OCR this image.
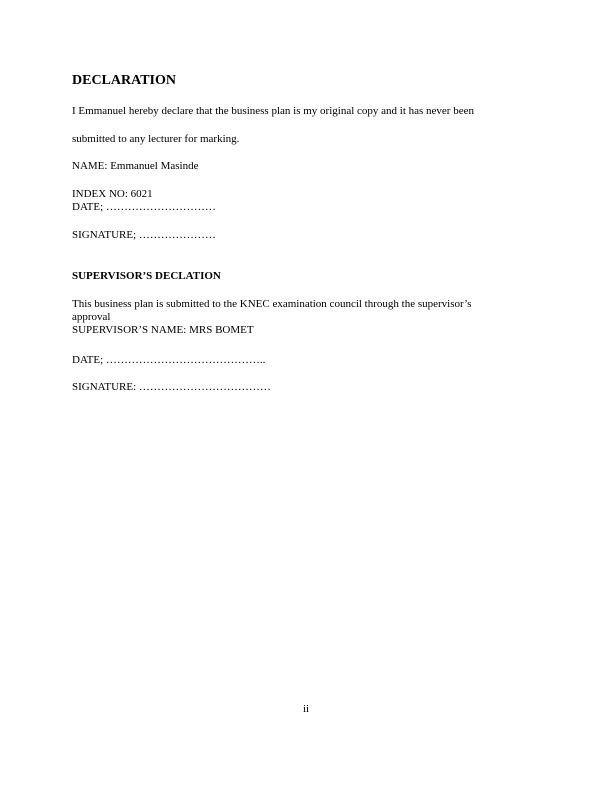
DECLARATION
I Emmanuel hereby declare that the business plan is my original copy and it has never been
submitted to any lecturer for marking.
NAME: Emmanuel Masinde
INDEX NO: 6021
DATE; …………………………
SIGNATURE; …………………
SUPERVISOR’S DECLATION
This business plan is submitted to the KNEC examination council through the supervisor’s
approval
SUPERVISOR’S NAME: MRS BOMET
DATE; ……………………………………..
SIGNATURE: ………………………………
ii
